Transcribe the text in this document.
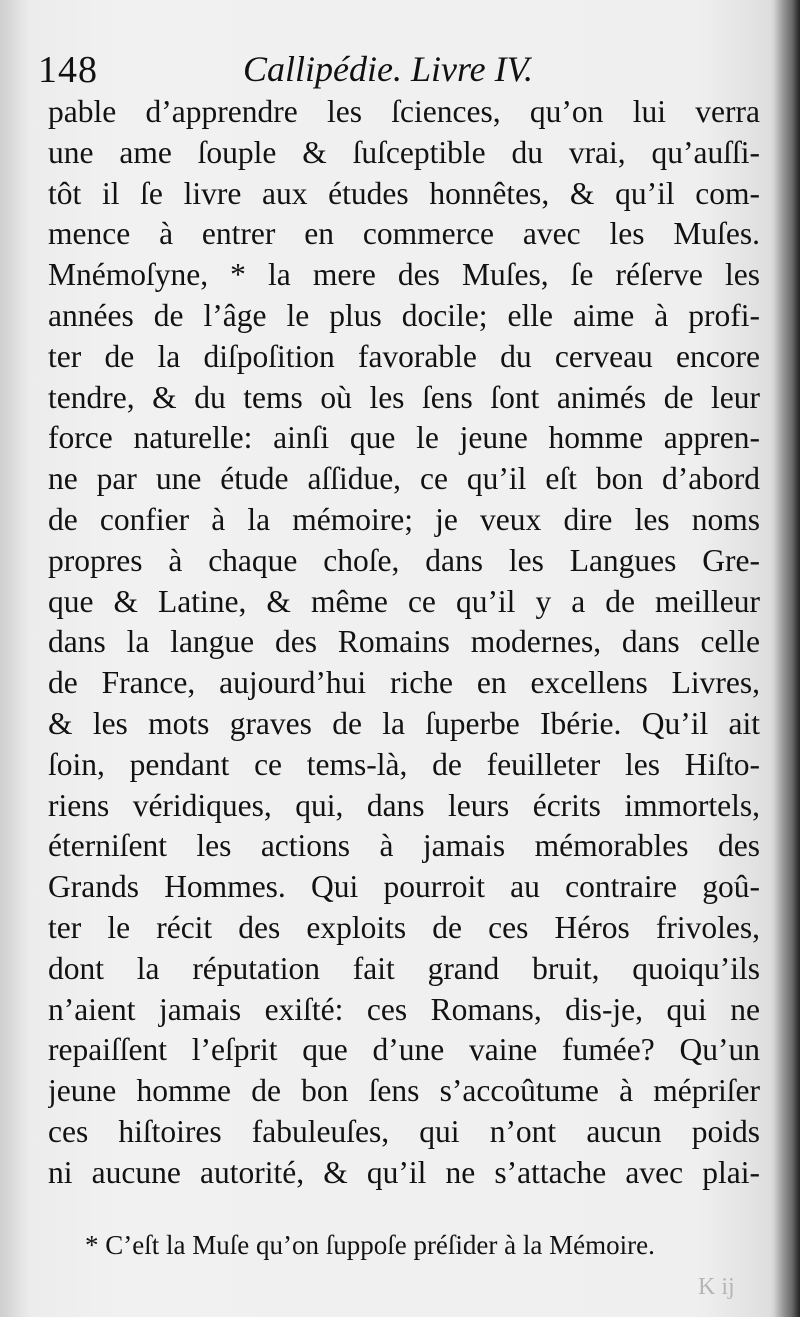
148	Callipédie. Livre IV.
pable d’apprendre les ſciences, qu’on lui verra
une ame ſouple & ſuſceptible du vrai, qu’auſſi-
tôt il ſe livre aux études honnêtes, & qu’il com-
mence à entrer en commerce avec les Muſes.
Mnémoſyne, * la mere des Muſes, ſe réſerve les
années de l’âge le plus docile; elle aime à profi-
ter de la diſpoſition favorable du cerveau encore
tendre, & du tems où les ſens ſont animés de leur
force naturelle: ainſi que le jeune homme appren-
ne par une étude aſſidue, ce qu’il eſt bon d’abord
de confier à la mémoire; je veux dire les noms
propres à chaque choſe, dans les Langues Gre-
que & Latine, & même ce qu’il y a de meilleur
dans la langue des Romains modernes, dans celle
de France, aujourd’hui riche en excellens Livres,
& les mots graves de la ſuperbe Ibérie. Qu’il ait
ſoin, pendant ce tems-là, de feuilleter les Hiſto-
riens véridiques, qui, dans leurs écrits immortels,
éterniſent les actions à jamais mémorables des
Grands Hommes. Qui pourroit au contraire goû-
ter le récit des exploits de ces Héros frivoles,
dont la réputation fait grand bruit, quoiqu’ils
n’aient jamais exiſté: ces Romans, dis-je, qui ne
repaiſſent l’eſprit que d’une vaine fumée? Qu’un
jeune homme de bon ſens s’accoûtume à mépriſer
ces hiſtoires fabuleuſes, qui n’ont aucun poids
ni aucune autorité, & qu’il ne s’attache avec plai-
* C’eſt la Muſe qu’on ſuppoſe préſider à la Mémoire.
K ij
